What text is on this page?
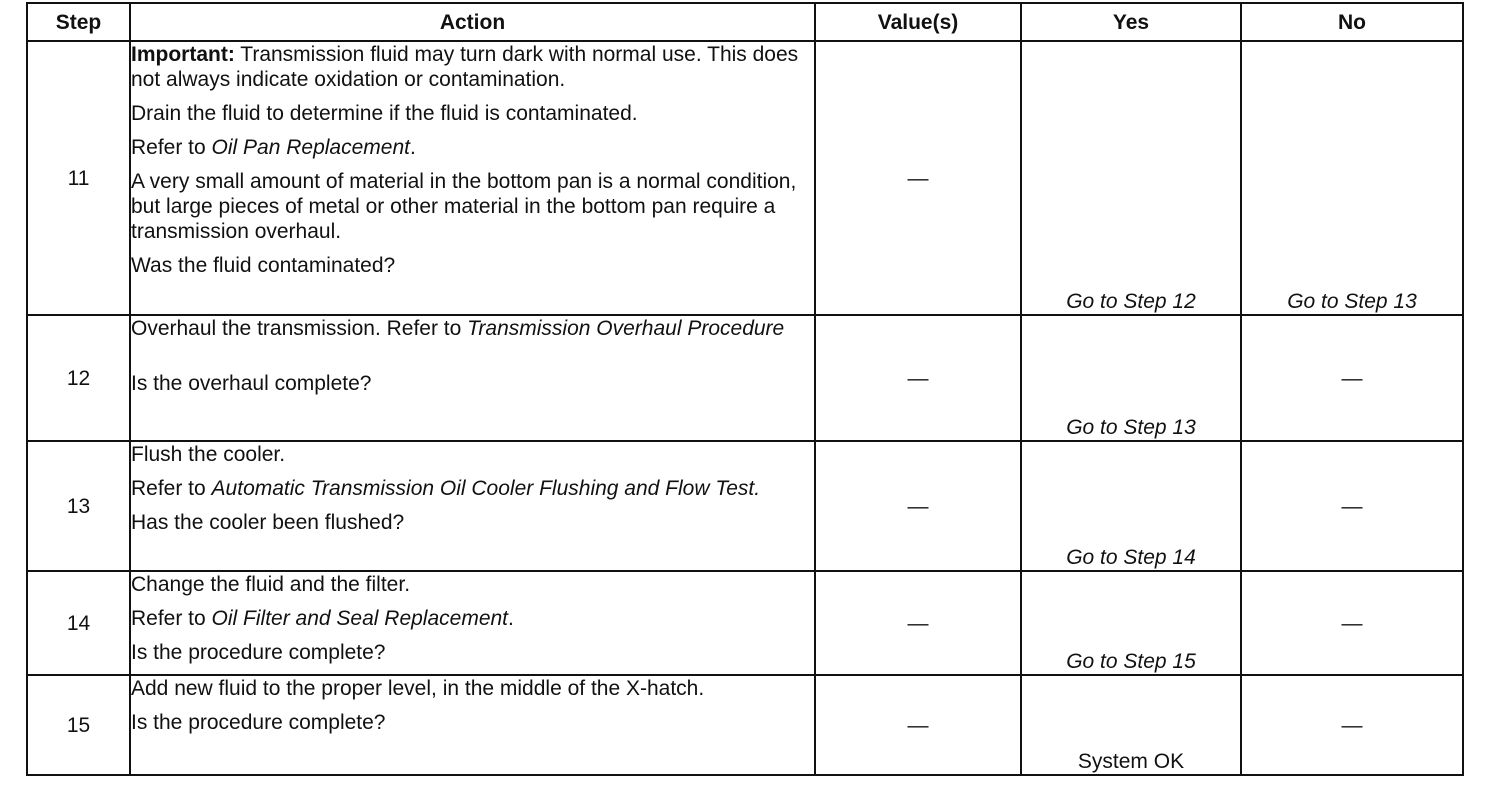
Step	Action	Value(s)	Yes	No
11	Important: Transmission fluid may turn dark with normal use. This does not always indicate oxidation or contamination.
Drain the fluid to determine if the fluid is contaminated.
Refer to Oil Pan Replacement.
A very small amount of material in the bottom pan is a normal condition, but large pieces of metal or other material in the bottom pan require a transmission overhaul.
Was the fluid contaminated?	—	Go to Step 12	Go to Step 13
12	Overhaul the transmission. Refer to Transmission Overhaul Procedure
Is the overhaul complete?	—	Go to Step 13	—
13	Flush the cooler.
Refer to Automatic Transmission Oil Cooler Flushing and Flow Test.
Has the cooler been flushed?	—	Go to Step 14	—
14	Change the fluid and the filter.
Refer to Oil Filter and Seal Replacement.
Is the procedure complete?	—	Go to Step 15	—
15	Add new fluid to the proper level, in the middle of the X-hatch.
Is the procedure complete?	—	System OK	—
